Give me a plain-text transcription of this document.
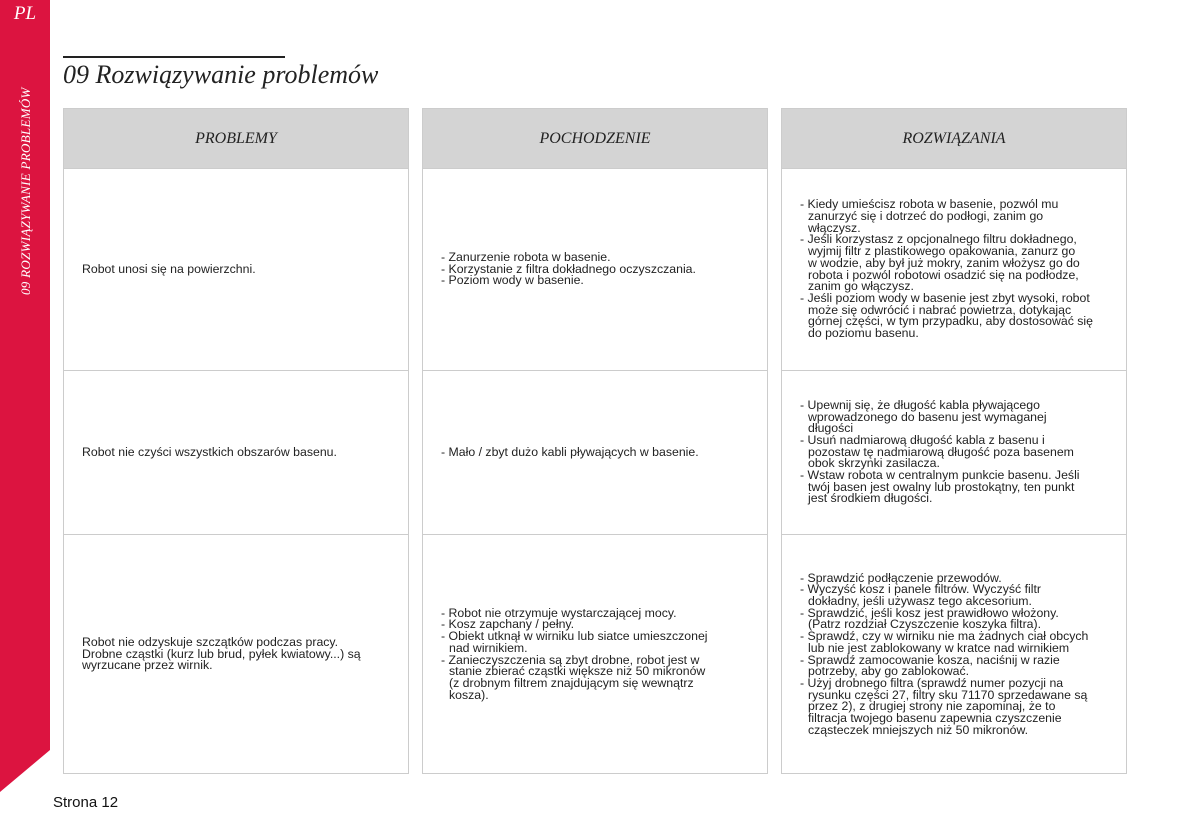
PL
09 ROZWIĄZYWANIE PROBLEMÓW
09 Rozwiązywanie problemów
PROBLEMY
Robot unosi się na powierzchni.
Robot nie czyści wszystkich obszarów basenu.
Robot nie odzyskuje szczątków podczas pracy.
Drobne cząstki (kurz lub brud, pyłek kwiatowy...) są
wyrzucane przez wirnik.
POCHODZENIE
- Zanurzenie robota w basenie.
- Korzystanie z filtra dokładnego oczyszczania.
- Poziom wody w basenie.
- Mało / zbyt dużo kabli pływających w basenie.
- Robot nie otrzymuje wystarczającej mocy.
- Kosz zapchany / pełny.
- Obiekt utknął w wirniku lub siatce umieszczonej
nad wirnikiem.
- Zanieczyszczenia są zbyt drobne, robot jest w
stanie zbierać cząstki większe niż 50 mikronów
(z drobnym filtrem znajdującym się wewnątrz
kosza).
ROZWIĄZANIA
- Kiedy umieścisz robota w basenie, pozwól mu
zanurzyć się i dotrzeć do podłogi, zanim go
włączysz.
- Jeśli korzystasz z opcjonalnego filtru dokładnego,
wyjmij filtr z plastikowego opakowania, zanurz go
w wodzie, aby był już mokry, zanim włożysz go do
robota i pozwól robotowi osadzić się na podłodze,
zanim go włączysz.
- Jeśli poziom wody w basenie jest zbyt wysoki, robot
może się odwrócić i nabrać powietrza, dotykając
górnej części, w tym przypadku, aby dostosować się
do poziomu basenu.
- Upewnij się, że długość kabla pływającego
wprowadzonego do basenu jest wymaganej
długości
- Usuń nadmiarową długość kabla z basenu i
pozostaw tę nadmiarową długość poza basenem
obok skrzynki zasilacza.
- Wstaw robota w centralnym punkcie basenu. Jeśli
twój basen jest owalny lub prostokątny, ten punkt
jest środkiem długości.
- Sprawdzić podłączenie przewodów.
- Wyczyść kosz i panele filtrów. Wyczyść filtr
dokładny, jeśli używasz tego akcesorium.
- Sprawdzić, jeśli kosz jest prawidłowo włożony.
(Patrz rozdział Czyszczenie koszyka filtra).
- Sprawdź, czy w wirniku nie ma żadnych ciał obcych
lub nie jest zablokowany w kratce nad wirnikiem
- Sprawdź zamocowanie kosza, naciśnij w razie
potrzeby, aby go zablokować.
- Użyj drobnego filtra (sprawdź numer pozycji na
rysunku części 27, filtry sku 71170 sprzedawane są
przez 2), z drugiej strony nie zapominaj, że to
filtracja twojego basenu zapewnia czyszczenie
cząsteczek mniejszych niż 50 mikronów.
Strona 12
